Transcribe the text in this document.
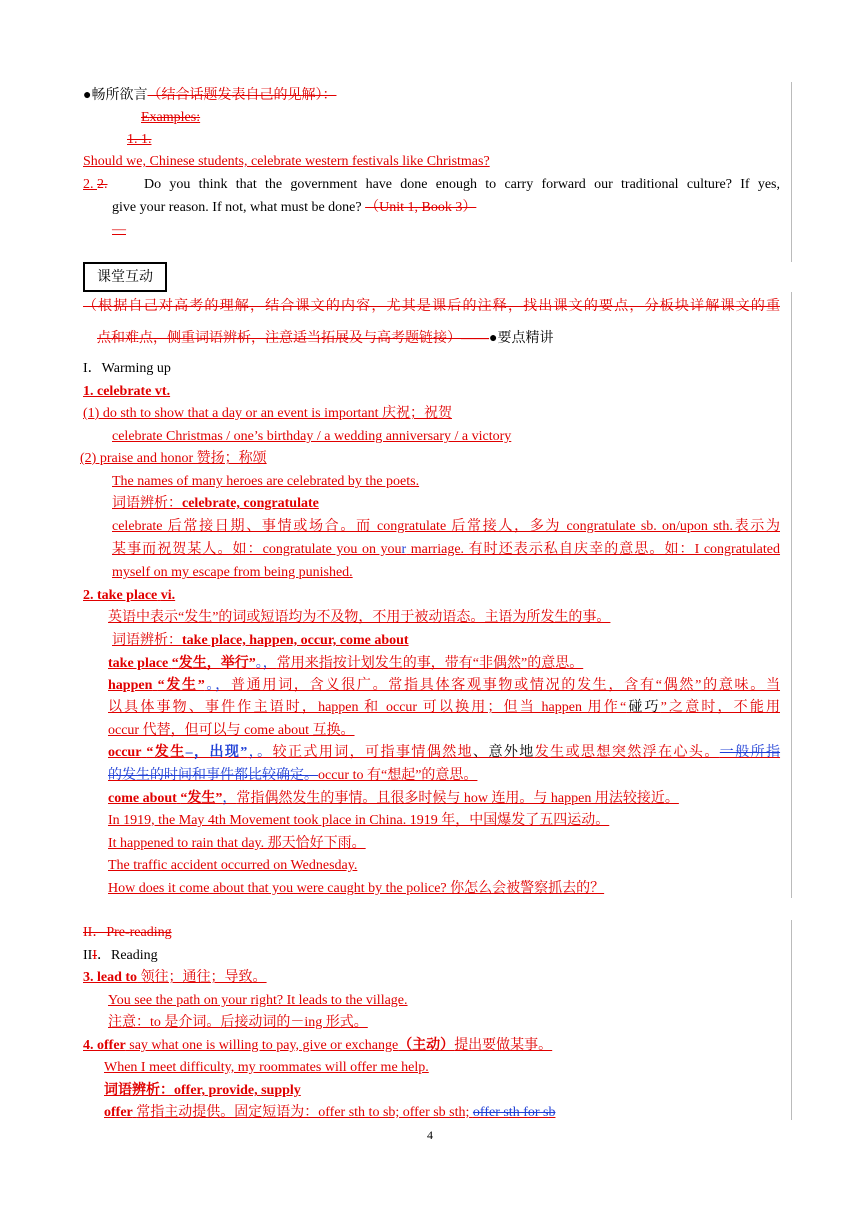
●畅所欲言（结合话题发表自己的见解）：
Examples:
1. 1.
Should we, Chinese students, celebrate western festivals like Christmas?
2. 2.	Do you think that the government have done enough to carry forward our traditional culture? If yes,
give your reason. If not, what must be done? （Unit 1, Book 3）
—
课堂互动
（根据自己对高考的理解，结合课文的内容，尤其是课后的注释，找出课文的要点，分板块详解课文的重
点和难点，侧重词语辨析，注意适当拓展及与高考题链接）——●要点精讲
I．Warming up
1. celebrate vt.
(1) do sth to show that a day or an event is important 庆祝；祝贺
celebrate Christmas / one’s birthday / a wedding anniversary / a victory
(2) praise and honor 赞扬；称颂
The names of many heroes are celebrated by the poets.
词语辨析：celebrate, congratulate
celebrate 后常接日期、事情或场合。而 congratulate 后常接人，多为 congratulate sb. on/upon sth.表示为
某事而祝贺某人。如：congratulate you on your marriage. 有时还表示私自庆幸的意思。如：I congratulated
myself on my escape from being punished.
2. take place vi.
英语中表示“发生”的词或短语均为不及物，不用于被动语态。主语为所发生的事。
词语辨析：take place, happen, occur, come about
take place “发生，举行”。，常用来指按计划发生的事，带有“非偶然”的意思。
happen “发生”。，普通用词，含义很广。常指具体客观事物或情况的发生，含有“偶然”的意味。当
以具体事物、事件作主语时，happen 和 occur 可以换用；但当 happen 用作“碰巧”之意时，不能用
occur 代替，但可以与 come about 互换。
occur “发生–，出现”，。较正式用词，可指事情偶然地、意外地发生或思想突然浮在心头。一般所指
的发生的时间和事件都比较确定。occur to 有“想起”的意思。
come about “发生”，常指偶然发生的事情。且很多时候与 how 连用。与 happen 用法较接近。
In 1919, the May 4th Movement took place in China. 1919 年，中国爆发了五四运动。
It happened to rain that day. 那天恰好下雨。
The traffic accident occurred on Wednesday.
How does it come about that you were caught by the police? 你怎么会被警察抓去的？
II．Pre-reading
III．Reading
3. lead to 领往；通往；导致。
You see the path on your right? It leads to the village.
注意：to 是介词。后接动词的－ing 形式。
4. offer say what one is willing to pay, give or exchange（主动）提出要做某事。
When I meet difficulty, my roommates will offer me help.
词语辨析：offer, provide, supply
offer 常指主动提供。固定短语为：offer sth to sb; offer sb sth; offer sth for sb
4
